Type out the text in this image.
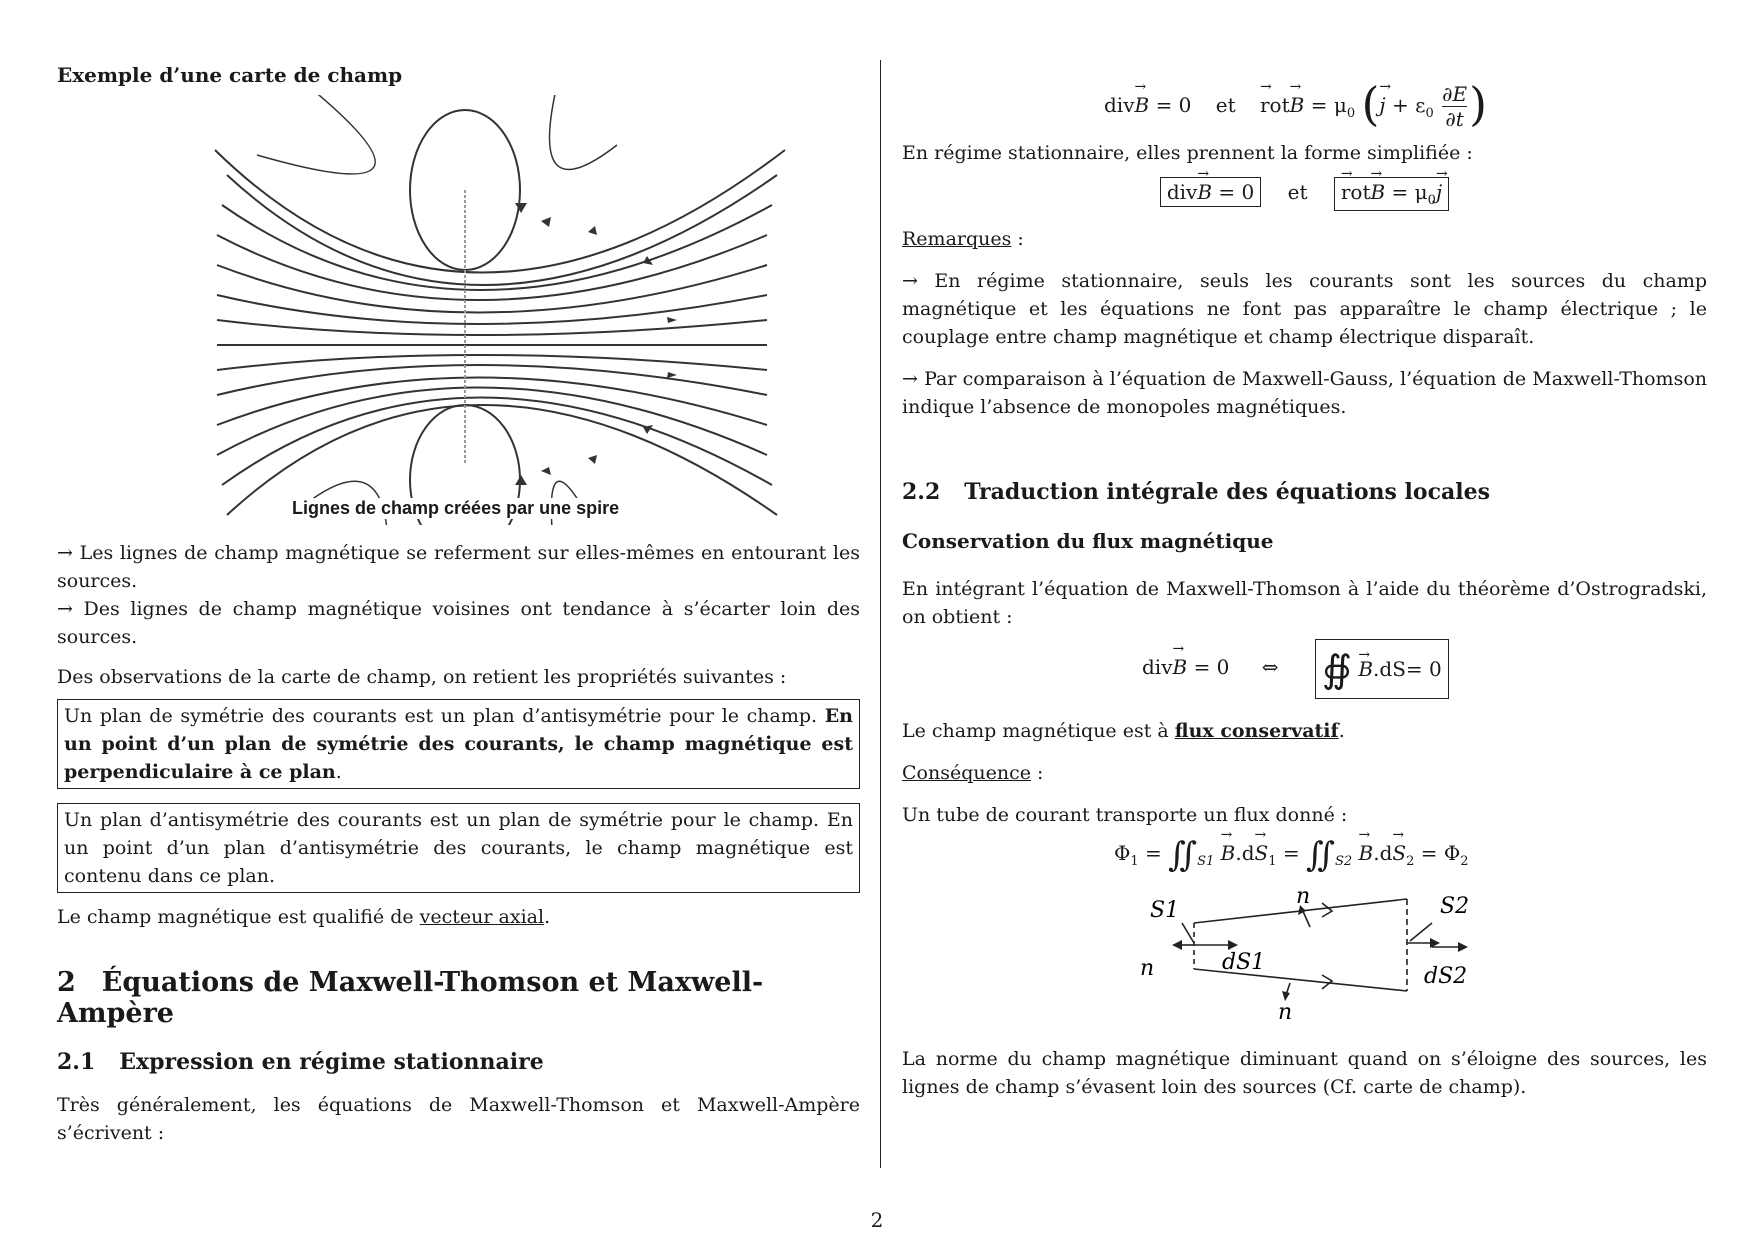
Exemple d’une carte de champ
Lignes de champ créées par une spire

→ Les lignes de champ magnétique se referment sur elles-mêmes en entourant les sources.

→ Des lignes de champ magnétique voisines ont tendance à s’écarter loin des sources.

Des observations de la carte de champ, on retient les propriétés suivantes :

Un plan de symétrie des courants est un plan d’antisymétrie pour le champ. En un point d’un plan de symétrie des courants, le champ magnétique est perpendiculaire à ce plan.

Un plan d’antisymétrie des courants est un plan de symétrie pour le champ. En un point d’un plan d’antisymétrie des courants, le champ magnétique est contenu dans ce plan.

Le champ magnétique est qualifié de vecteur axial.

2 Équations de Maxwell-Thomson et Maxwell-Ampère
2.1 Expression en régime stationnaire

Très généralement, les équations de Maxwell-Thomson et Maxwell-Ampère s’écrivent :

div→ B = 0 et → $rot\to B = \mu_0$ (→ $j + \varepsilon_0 \frac{\partial E}{\partial t}$ )

En régime stationnaire, elles prennent la forme simplifiée :

div→ B = 0 et → $rot\to B = \mu_0\to j$

Remarques :

→ En régime stationnaire, seuls les courants sont les sources du champ magnétique et les équations ne font pas apparaître le champ électrique ; le couplage entre champ magnétique et champ électrique disparaît.

→ Par comparaison à l’équation de Maxwell-Gauss, l’équation de Maxwell-Thomson indique l’absence de monopoles magnétiques.

2.2 Traduction intégrale des équations locales
Conservation du flux magnétique

En intégrant l’équation de Maxwell-Thomson à l’aide du théorème d’Ostrogradski, on obtient :

div→ B = 0 ⇔	∯ → B.dS= 0

Le champ magnétique est à flux conservatif.

Conséquence :

Un tube de courant transporte un flux donné :

$\Phi_1$ = $∬_{S1} \to B.d\to S_1$ = $∬_{S2} \to B.d\to S_2 = \Phi_2$
S1	S2
n
n
n
dS1
dS2

La norme du champ magnétique diminuant quand on s’éloigne des sources, les lignes de champ s’évasent loin des sources (Cf. carte de champ).

2
